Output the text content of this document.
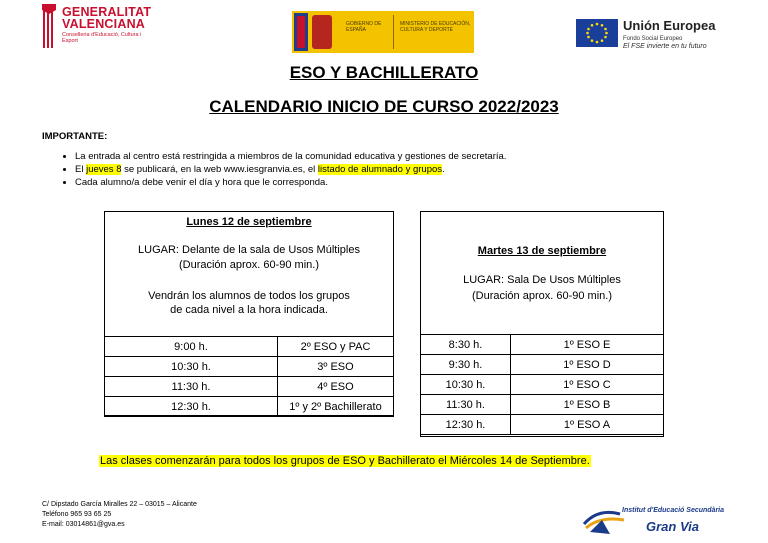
GENERALITAT
VALENCIANA
Conselleria d'Educació, Cultura i Esport
GOBIERNO DE ESPAÑA
MINISTERIO DE EDUCACIÓN, CULTURA Y DEPORTE	Unión Europea
Fondo Social Europeo
El FSE invierte en tu futuro
ESO Y BACHILLERATO
CALENDARIO INICIO DE CURSO 2022/2023
IMPORTANTE:
• La entrada al centro está restringida a miembros de la comunidad educativa y gestiones de secretaría.
• El jueves 8 se publicará, en la web www.iesgranvia.es, el listado de alumnado y grupos.
• Cada alumno/a debe venir el día y hora que le corresponda.
Lunes 12 de septiembre
LUGAR: Delante de la sala de Usos Múltiples
(Duración aprox. 60-90 min.)
Vendrán los alumnos de todos los grupos
de cada nivel a la hora indicada.
9:00 h.	2º ESO y PAC
10:30 h.	3º ESO
11:30 h.	4º ESO
12:30 h.	1º y 2º Bachillerato
Martes 13 de septiembre
LUGAR: Sala De Usos Múltiples
(Duración aprox. 60-90 min.)
8:30 h.	1º ESO E
9:30 h.	1º ESO D
10:30 h.	1º ESO C
11:30 h.	1º ESO B
12:30 h.	1º ESO A
Las clases comenzarán para todos los grupos de ESO y Bachillerato el Miércoles 14 de Septiembre.
C/ Dipstado García Miralles 22 – 03015 – Alicante
Teléfono 965 93 65 25
E-mail: 03014861@gva.es
Institut d'Educació Secundària
Gran Via
